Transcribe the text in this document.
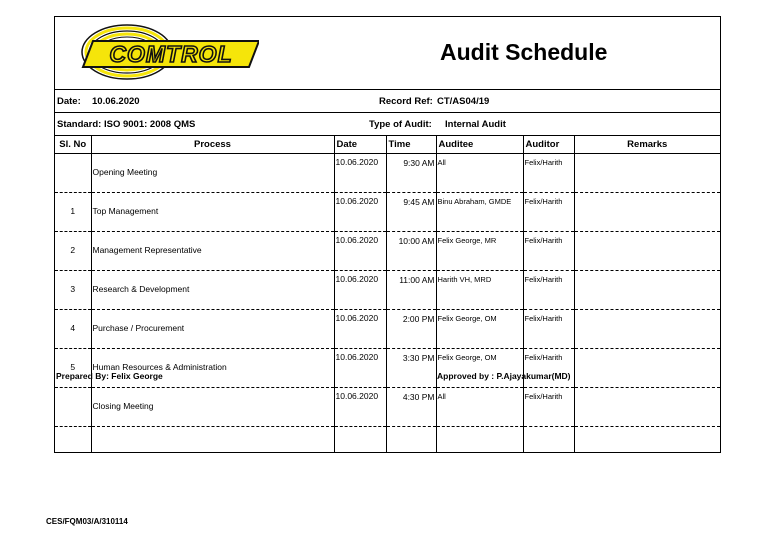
COMTROL	Audit Schedule
Date: 10.06.2020	Record Ref: CT/AS04/19
Standard: ISO 9001: 2008 QMS	Type of Audit: Internal Audit
Sl. No	Process	Date	Time	Auditee	Auditor	Remarks
	Opening Meeting	10.06.2020	9:30 AM	All	Felix/Harith	
1	Top Management	10.06.2020	9:45 AM	Binu Abraham, GMDE	Felix/Harith	
2	Management Representative	10.06.2020	10:00 AM	Felix George, MR	Felix/Harith	
3	Research & Development	10.06.2020	11:00 AM	Harith VH, MRD	Felix/Harith	
4	Purchase / Procurement	10.06.2020	2:00 PM	Felix George, OM	Felix/Harith	
5	Human Resources & Administration	10.06.2020	3:30 PM	Felix George, OM	Felix/Harith	
	Closing Meeting	10.06.2020	4:30 PM	All	Felix/Harith	

Prepared By: Felix George	Approved by : P.Ajayakumar(MD)
CES/FQM03/A/310114
